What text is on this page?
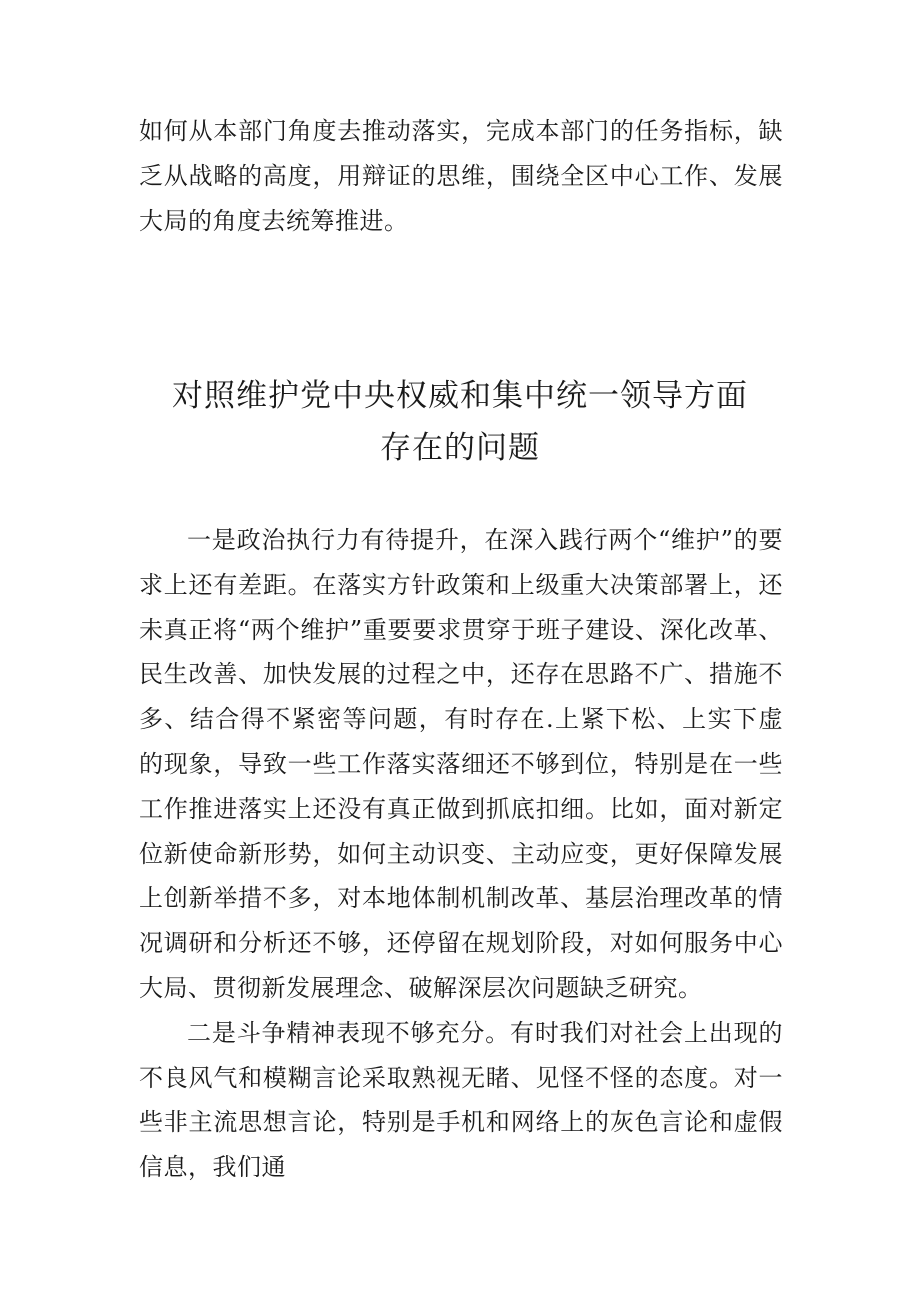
如何从本部门角度去推动落实，完成本部门的任务指标，缺乏从战略的高度，用辩证的思维，围绕全区中心工作、发展大局的角度去统筹推进。

对照维护党中央权威和集中统一领导方面
存在的问题

一是政治执行力有待提升，在深入践行两个“维护”的要求上还有差距。在落实方针政策和上级重大决策部署上，还未真正将“两个维护”重要要求贯穿于班子建设、深化改革、民生改善、加快发展的过程之中，还存在思路不广、措施不多、结合得不紧密等问题，有时存在.上紧下松、上实下虚的现象，导致一些工作落实落细还不够到位，特别是在一些工作推进落实上还没有真正做到抓底扣细。比如，面对新定位新使命新形势，如何主动识变、主动应变，更好保障发展上创新举措不多，对本地体制机制改革、基层治理改革的情况调研和分析还不够，还停留在规划阶段，对如何服务中心大局、贯彻新发展理念、破解深层次问题缺乏研究。

二是斗争精神表现不够充分。有时我们对社会上出现的不良风气和模糊言论采取熟视无睹、见怪不怪的态度。对一些非主流思想言论，特别是手机和网络上的灰色言论和虚假信息，我们通
